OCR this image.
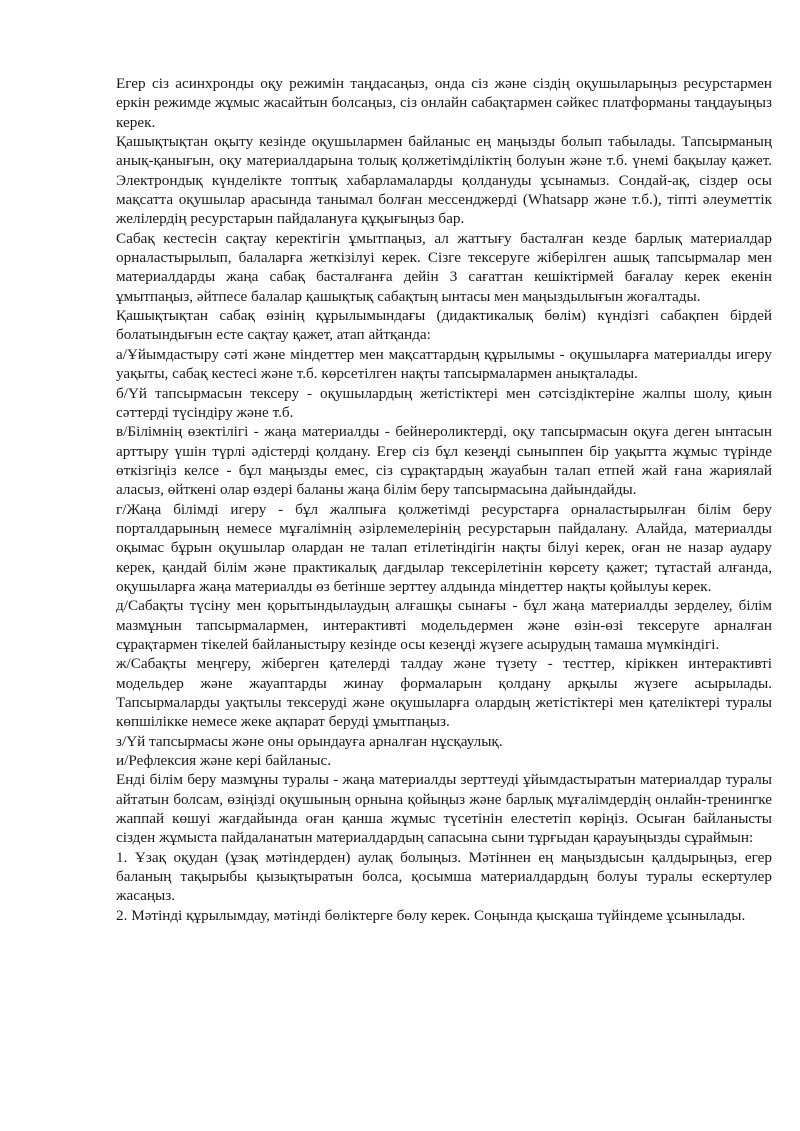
Егер сіз асинхронды оқу режимін таңдасаңыз, онда сіз және сіздің оқушыларыңыз ресурстармен еркін режимде жұмыс жасайтын болсаңыз, сіз онлайн сабақтармен сәйкес платформаны таңдауыңыз керек.

Қашықтықтан оқыту кезінде оқушылармен байланыс ең маңызды болып табылады. Тапсырманың анық-қанығын, оқу материалдарына толық қолжетімділіктің болуын және т.б. үнемі бақылау қажет. Электрондық күнделікте топтық хабарламаларды қолдануды ұсынамыз. Сондай-ақ, сіздер осы мақсатта оқушылар арасында танымал болған мессенджерді (Whatsapp және т.б.), тіпті әлеуметтік желілердің ресурстарын пайдалануға құқығыңыз бар.

Сабақ кестесін сақтау керектігін ұмытпаңыз, ал жаттығу басталған кезде барлық материалдар орналастырылып, балаларға жеткізілуі керек. Сізге тексеруге жіберілген ашық тапсырмалар мен материалдарды жаңа сабақ басталғанға дейін 3 сағаттан кешіктірмей бағалау керек екенін ұмытпаңыз, әйтпесе балалар қашықтық сабақтың ынтасы мен маңыздылығын жоғалтады.

Қашықтықтан сабақ өзінің құрылымындағы (дидактикалық бөлім) күндізгі сабақпен бірдей болатындығын есте сақтау қажет, атап айтқанда:

а/Ұйымдастыру сәті және міндеттер мен мақсаттардың құрылымы - оқушыларға материалды игеру уақыты, сабақ кестесі және т.б. көрсетілген нақты тапсырмалармен анықталады.

б/Үй тапсырмасын тексеру - оқушылардың жетістіктері мен сәтсіздіктеріне жалпы шолу, қиын сәттерді түсіндіру және т.б.

в/Білімнің өзектілігі - жаңа материалды - бейнероликтерді, оқу тапсырмасын оқуға деген ынтасын арттыру үшін түрлі әдістерді қолдану. Егер сіз бұл кезеңді сыныппен бір уақытта жұмыс түрінде өткізгіңіз келсе - бұл маңызды емес, сіз сұрақтардың жауабын талап етпей жай ғана жариялай аласыз, өйткені олар өздері баланы жаңа білім беру тапсырмасына дайындайды.

г/Жаңа білімді игеру - бұл жалпыға қолжетімді ресурстарға орналастырылған білім беру порталдарының немесе мұғалімнің әзірлемелерінің ресурстарын пайдалану. Алайда, материалды оқымас бұрын оқушылар олардан не талап етілетіндігін нақты білуі керек, оған не назар аудару керек, қандай білім және практикалық дағдылар тексерілетінін көрсету қажет; тұтастай алғанда, оқушыларға жаңа материалды өз бетінше зерттеу алдында міндеттер нақты қойылуы керек.

д/Сабақты түсіну мен қорытындылаудың алғашқы сынағы - бұл жаңа материалды зерделеу, білім мазмұнын тапсырмалармен, интерактивті модельдермен және өзін-өзі тексеруге арналған сұрақтармен тікелей байланыстыру кезінде осы кезеңді жүзеге асырудың тамаша мүмкіндігі.

ж/Сабақты меңгеру, жіберген қателерді талдау және түзету - тесттер, кіріккен интерактивті модельдер және жауаптарды жинау формаларын қолдану арқылы жүзеге асырылады. Тапсырмаларды уақтылы тексеруді және оқушыларға олардың жетістіктері мен қателіктері туралы көпшілікке немесе жеке ақпарат беруді ұмытпаңыз.

з/Үй тапсырмасы және оны орындауға арналған нұсқаулық.

и/Рефлексия және кері байланыс.

Енді білім беру мазмұны туралы - жаңа материалды зерттеуді ұйымдастыратын материалдар туралы айтатын болсам, өзіңізді оқушының орнына қойыңыз және барлық мұғалімдердің онлайн-тренингке жаппай көшуі жағдайында оған қанша жұмыс түсетінін елестетіп көріңіз. Осыған байланысты сізден жұмыста пайдаланатын материалдардың сапасына сыни тұрғыдан қарауыңызды сұраймын:

1. Ұзақ оқудан (ұзақ мәтіндерден) аулақ болыңыз. Мәтіннен ең маңыздысын қалдырыңыз, егер баланың тақырыбы қызықтыратын болса, қосымша материалдардың болуы туралы ескертулер жасаңыз.

2. Мәтінді құрылымдау, мәтінді бөліктерге бөлу керек. Соңында қысқаша түйіндеме ұсынылады.
